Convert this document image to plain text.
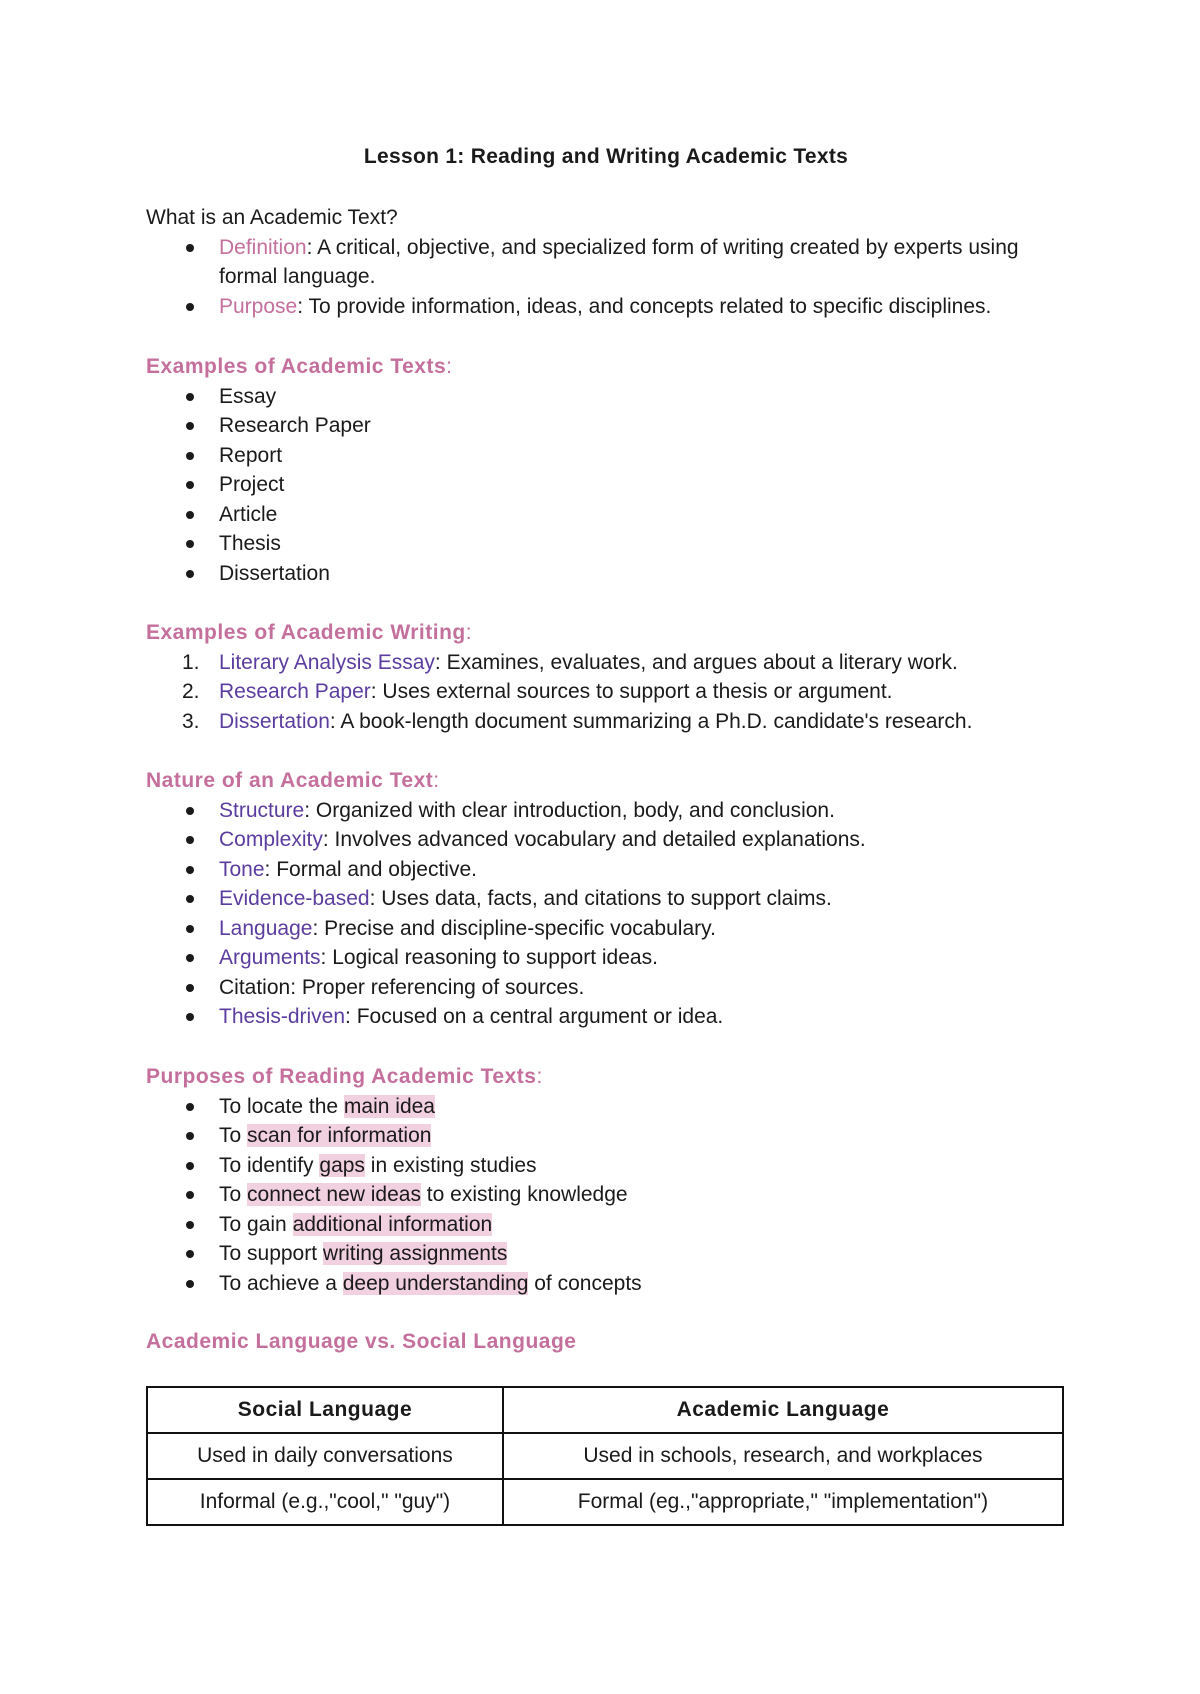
Lesson 1: Reading and Writing Academic Texts
What is an Academic Text?
Definition: A critical, objective, and specialized form of writing created by experts using formal language.
Purpose: To provide information, ideas, and concepts related to specific disciplines.
Examples of Academic Texts:
Essay
Research Paper
Report
Project
Article
Thesis
Dissertation
Examples of Academic Writing:
1. Literary Analysis Essay: Examines, evaluates, and argues about a literary work.
2. Research Paper: Uses external sources to support a thesis or argument.
3. Dissertation: A book-length document summarizing a Ph.D. candidate's research.
Nature of an Academic Text:
Structure: Organized with clear introduction, body, and conclusion.
Complexity: Involves advanced vocabulary and detailed explanations.
Tone: Formal and objective.
Evidence-based: Uses data, facts, and citations to support claims.
Language: Precise and discipline-specific vocabulary.
Arguments: Logical reasoning to support ideas.
Citation: Proper referencing of sources.
Thesis-driven: Focused on a central argument or idea.
Purposes of Reading Academic Texts:
To locate the main idea
To scan for information
To identify gaps in existing studies
To connect new ideas to existing knowledge
To gain additional information
To support writing assignments
To achieve a deep understanding of concepts
Academic Language vs. Social Language
Social Language	Academic Language
Used in daily conversations	Used in schools, research, and workplaces
Informal (e.g.,"cool," "guy")	Formal (eg.,"appropriate," "implementation")
